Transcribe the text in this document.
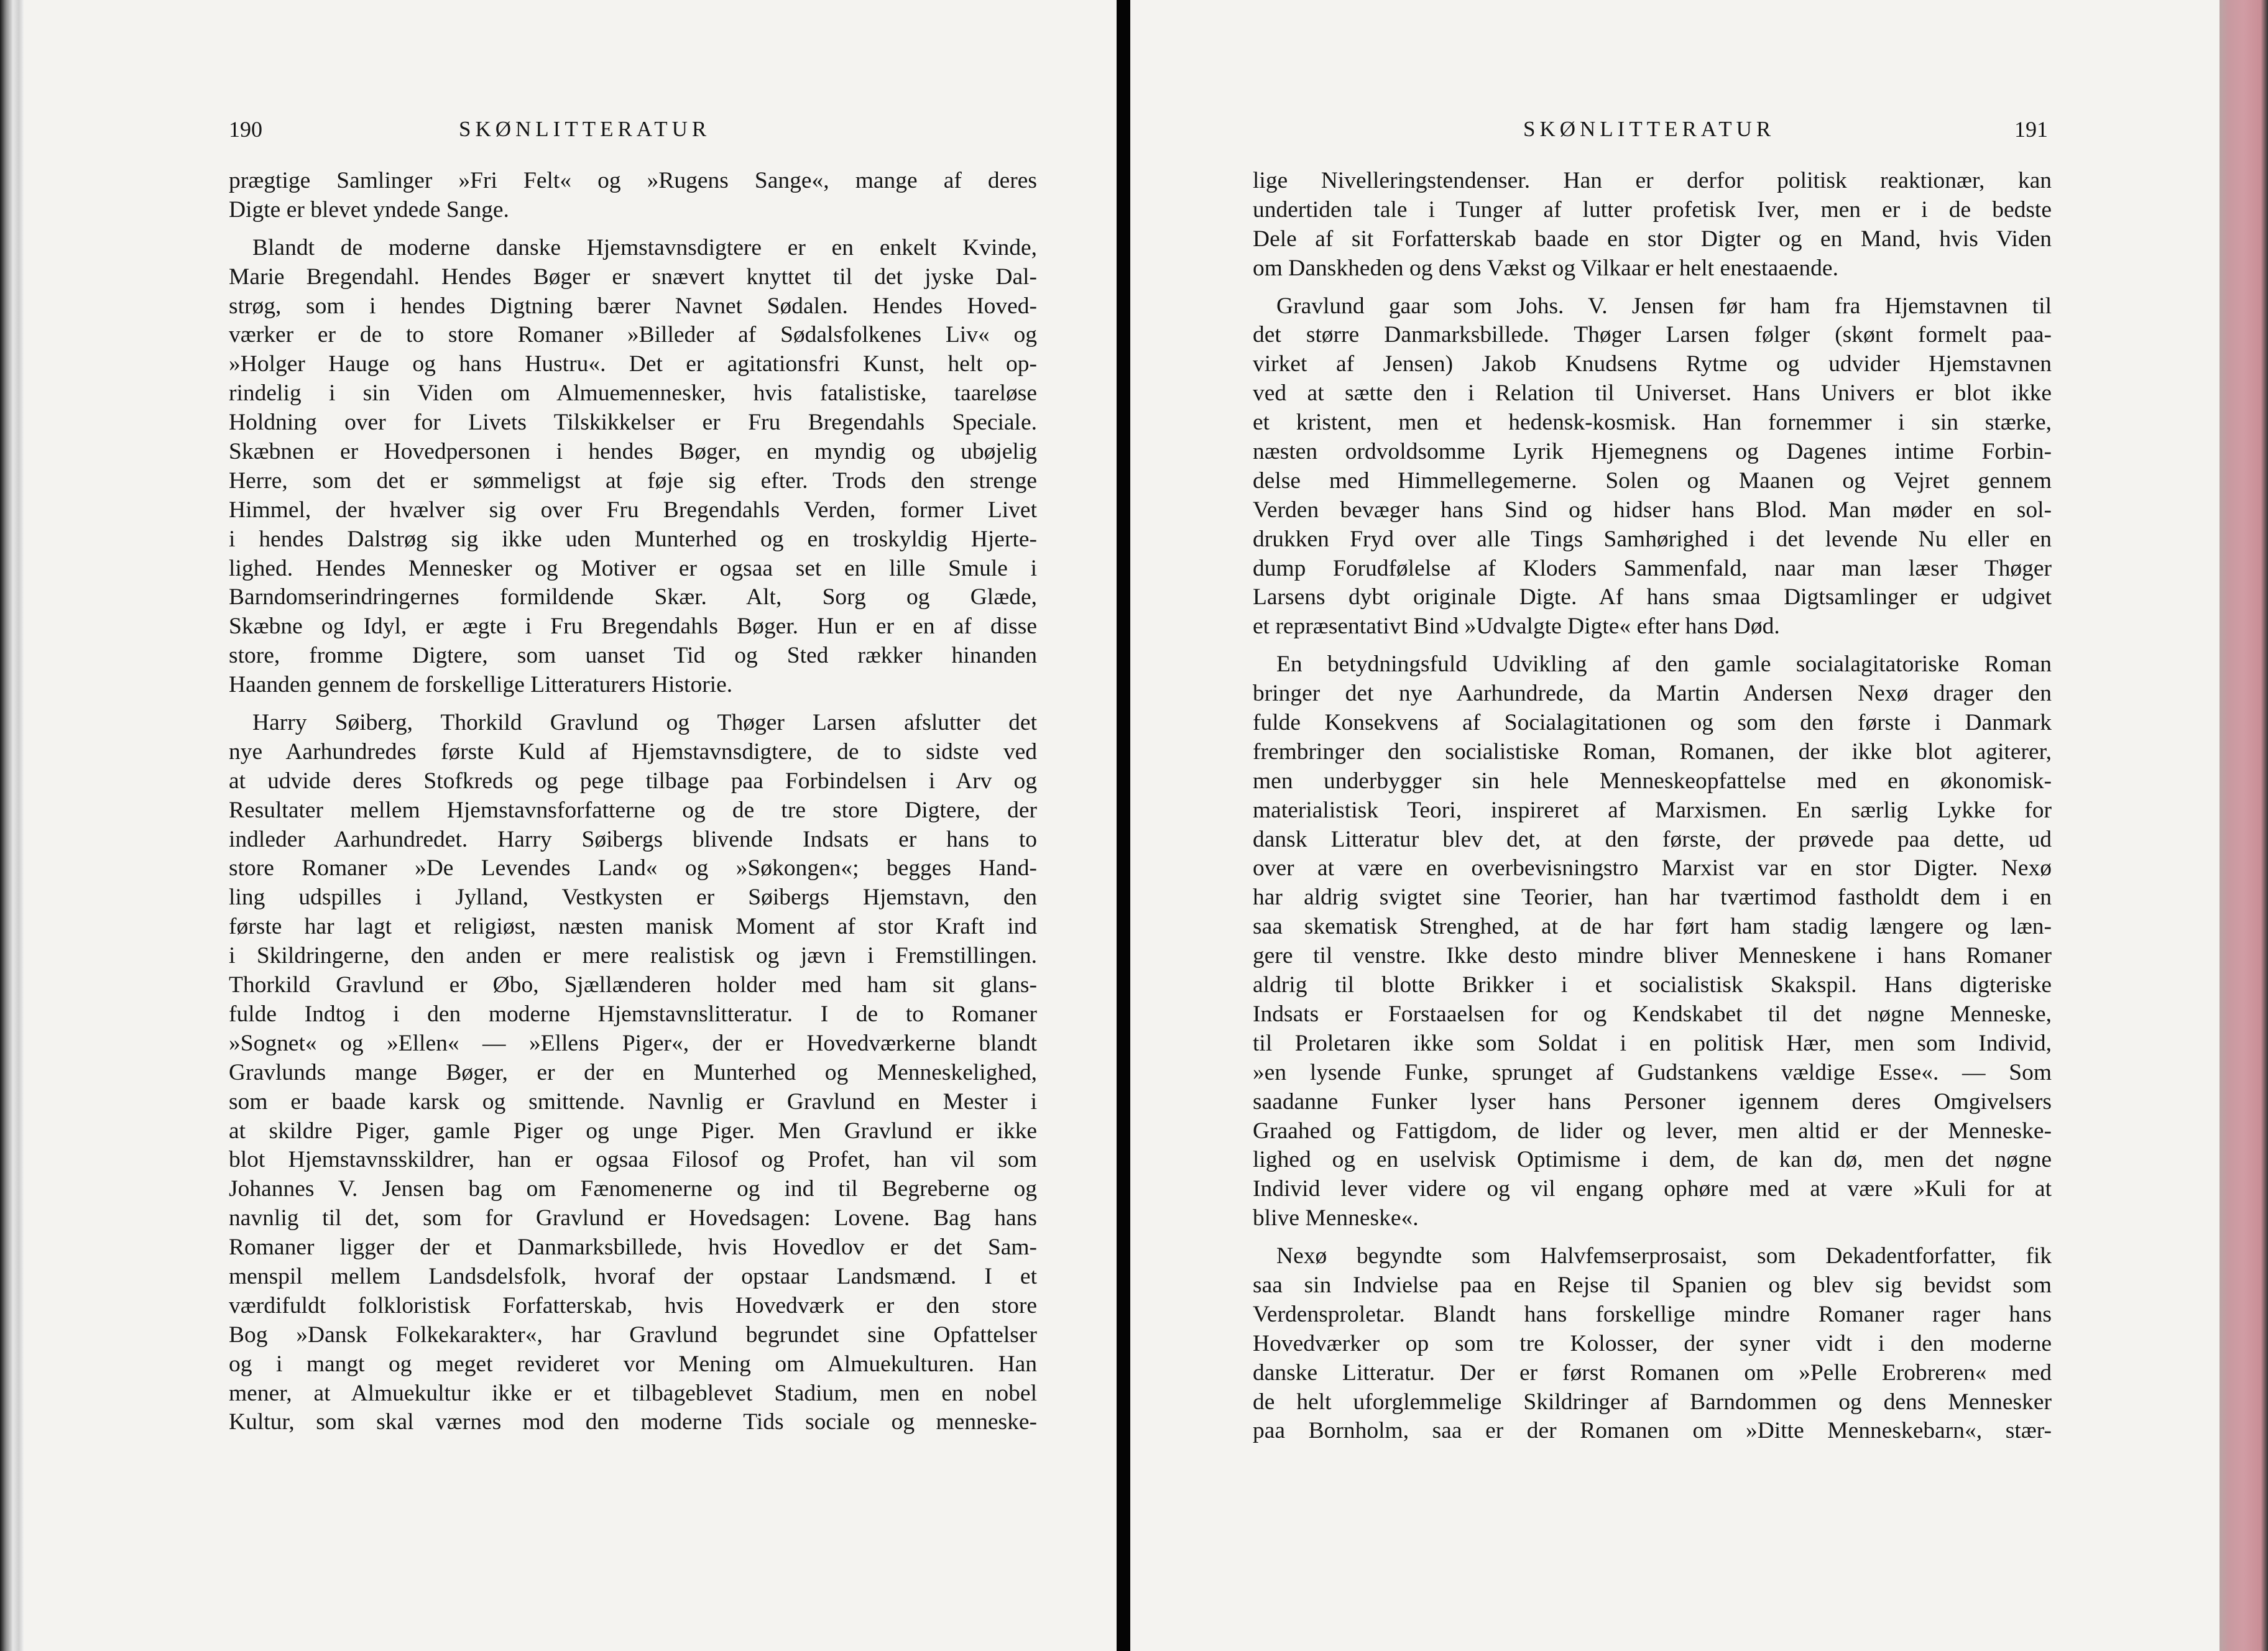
190	SKØNLITTERATUR
prægtige Samlinger »Fri Felt« og »Rugens Sange«, mange af deres
Digte er blevet yndede Sange.
Blandt de moderne danske Hjemstavnsdigtere er en enkelt Kvinde,
Marie Bregendahl. Hendes Bøger er snævert knyttet til det jyske Dal-
strøg, som i hendes Digtning bærer Navnet Sødalen. Hendes Hoved-
værker er de to store Romaner »Billeder af Sødalsfolkenes Liv« og
»Holger Hauge og hans Hustru«. Det er agitationsfri Kunst, helt op-
rindelig i sin Viden om Almuemennesker, hvis fatalistiske, taareløse
Holdning over for Livets Tilskikkelser er Fru Bregendahls Speciale.
Skæbnen er Hovedpersonen i hendes Bøger, en myndig og ubøjelig
Herre, som det er sømmeligst at føje sig efter. Trods den strenge
Himmel, der hvælver sig over Fru Bregendahls Verden, former Livet
i hendes Dalstrøg sig ikke uden Munterhed og en troskyldig Hjerte-
lighed. Hendes Mennesker og Motiver er ogsaa set en lille Smule i
Barndomserindringernes formildende Skær. Alt, Sorg og Glæde,
Skæbne og Idyl, er ægte i Fru Bregendahls Bøger. Hun er en af disse
store, fromme Digtere, som uanset Tid og Sted rækker hinanden
Haanden gennem de forskellige Litteraturers Historie.
Harry Søiberg, Thorkild Gravlund og Thøger Larsen afslutter det
nye Aarhundredes første Kuld af Hjemstavnsdigtere, de to sidste ved
at udvide deres Stofkreds og pege tilbage paa Forbindelsen i Arv og
Resultater mellem Hjemstavnsforfatterne og de tre store Digtere, der
indleder Aarhundredet. Harry Søibergs blivende Indsats er hans to
store Romaner »De Levendes Land« og »Søkongen«; begges Hand-
ling udspilles i Jylland, Vestkysten er Søibergs Hjemstavn, den
første har lagt et religiøst, næsten manisk Moment af stor Kraft ind
i Skildringerne, den anden er mere realistisk og jævn i Fremstillingen.
Thorkild Gravlund er Øbo, Sjællænderen holder med ham sit glans-
fulde Indtog i den moderne Hjemstavnslitteratur. I de to Romaner
»Sognet« og »Ellen« — »Ellens Piger«, der er Hovedværkerne blandt
Gravlunds mange Bøger, er der en Munterhed og Menneskelighed,
som er baade karsk og smittende. Navnlig er Gravlund en Mester i
at skildre Piger, gamle Piger og unge Piger. Men Gravlund er ikke
blot Hjemstavnsskildrer, han er ogsaa Filosof og Profet, han vil som
Johannes V. Jensen bag om Fænomenerne og ind til Begreberne og
navnlig til det, som for Gravlund er Hovedsagen: Lovene. Bag hans
Romaner ligger der et Danmarksbillede, hvis Hovedlov er det Sam-
menspil mellem Landsdelsfolk, hvoraf der opstaar Landsmænd. I et
værdifuldt folkloristisk Forfatterskab, hvis Hovedværk er den store
Bog »Dansk Folkekarakter«, har Gravlund begrundet sine Opfattelser
og i mangt og meget revideret vor Mening om Almuekulturen. Han
mener, at Almuekultur ikke er et tilbageblevet Stadium, men en nobel
Kultur, som skal værnes mod den moderne Tids sociale og menneske-
SKØNLITTERATUR	191
lige Nivelleringstendenser. Han er derfor politisk reaktionær, kan
undertiden tale i Tunger af lutter profetisk Iver, men er i de bedste
Dele af sit Forfatterskab baade en stor Digter og en Mand, hvis Viden
om Danskheden og dens Vækst og Vilkaar er helt enestaaende.
Gravlund gaar som Johs. V. Jensen før ham fra Hjemstavnen til
det større Danmarksbillede. Thøger Larsen følger (skønt formelt paa-
virket af Jensen) Jakob Knudsens Rytme og udvider Hjemstavnen
ved at sætte den i Relation til Universet. Hans Univers er blot ikke
et kristent, men et hedensk-kosmisk. Han fornemmer i sin stærke,
næsten ordvoldsomme Lyrik Hjemegnens og Dagenes intime Forbin-
delse med Himmellegemerne. Solen og Maanen og Vejret gennem
Verden bevæger hans Sind og hidser hans Blod. Man møder en sol-
drukken Fryd over alle Tings Samhørighed i det levende Nu eller en
dump Forudfølelse af Kloders Sammenfald, naar man læser Thøger
Larsens dybt originale Digte. Af hans smaa Digtsamlinger er udgivet
et repræsentativt Bind »Udvalgte Digte« efter hans Død.
En betydningsfuld Udvikling af den gamle socialagitatoriske Roman
bringer det nye Aarhundrede, da Martin Andersen Nexø drager den
fulde Konsekvens af Socialagitationen og som den første i Danmark
frembringer den socialistiske Roman, Romanen, der ikke blot agiterer,
men underbygger sin hele Menneskeopfattelse med en økonomisk-
materialistisk Teori, inspireret af Marxismen. En særlig Lykke for
dansk Litteratur blev det, at den første, der prøvede paa dette, ud
over at være en overbevisningstro Marxist var en stor Digter. Nexø
har aldrig svigtet sine Teorier, han har tværtimod fastholdt dem i en
saa skematisk Strenghed, at de har ført ham stadig længere og læn-
gere til venstre. Ikke desto mindre bliver Menneskene i hans Romaner
aldrig til blotte Brikker i et socialistisk Skakspil. Hans digteriske
Indsats er Forstaaelsen for og Kendskabet til det nøgne Menneske,
til Proletaren ikke som Soldat i en politisk Hær, men som Individ,
»en lysende Funke, sprunget af Gudstankens vældige Esse«. — Som
saadanne Funker lyser hans Personer igennem deres Omgivelsers
Graahed og Fattigdom, de lider og lever, men altid er der Menneske-
lighed og en uselvisk Optimisme i dem, de kan dø, men det nøgne
Individ lever videre og vil engang ophøre med at være »Kuli for at
blive Menneske«.
Nexø begyndte som Halvfemserprosaist, som Dekadentforfatter, fik
saa sin Indvielse paa en Rejse til Spanien og blev sig bevidst som
Verdensproletar. Blandt hans forskellige mindre Romaner rager hans
Hovedværker op som tre Kolosser, der syner vidt i den moderne
danske Litteratur. Der er først Romanen om »Pelle Erobreren« med
de helt uforglemmelige Skildringer af Barndommen og dens Mennesker
paa Bornholm, saa er der Romanen om »Ditte Menneskebarn«, stær-
